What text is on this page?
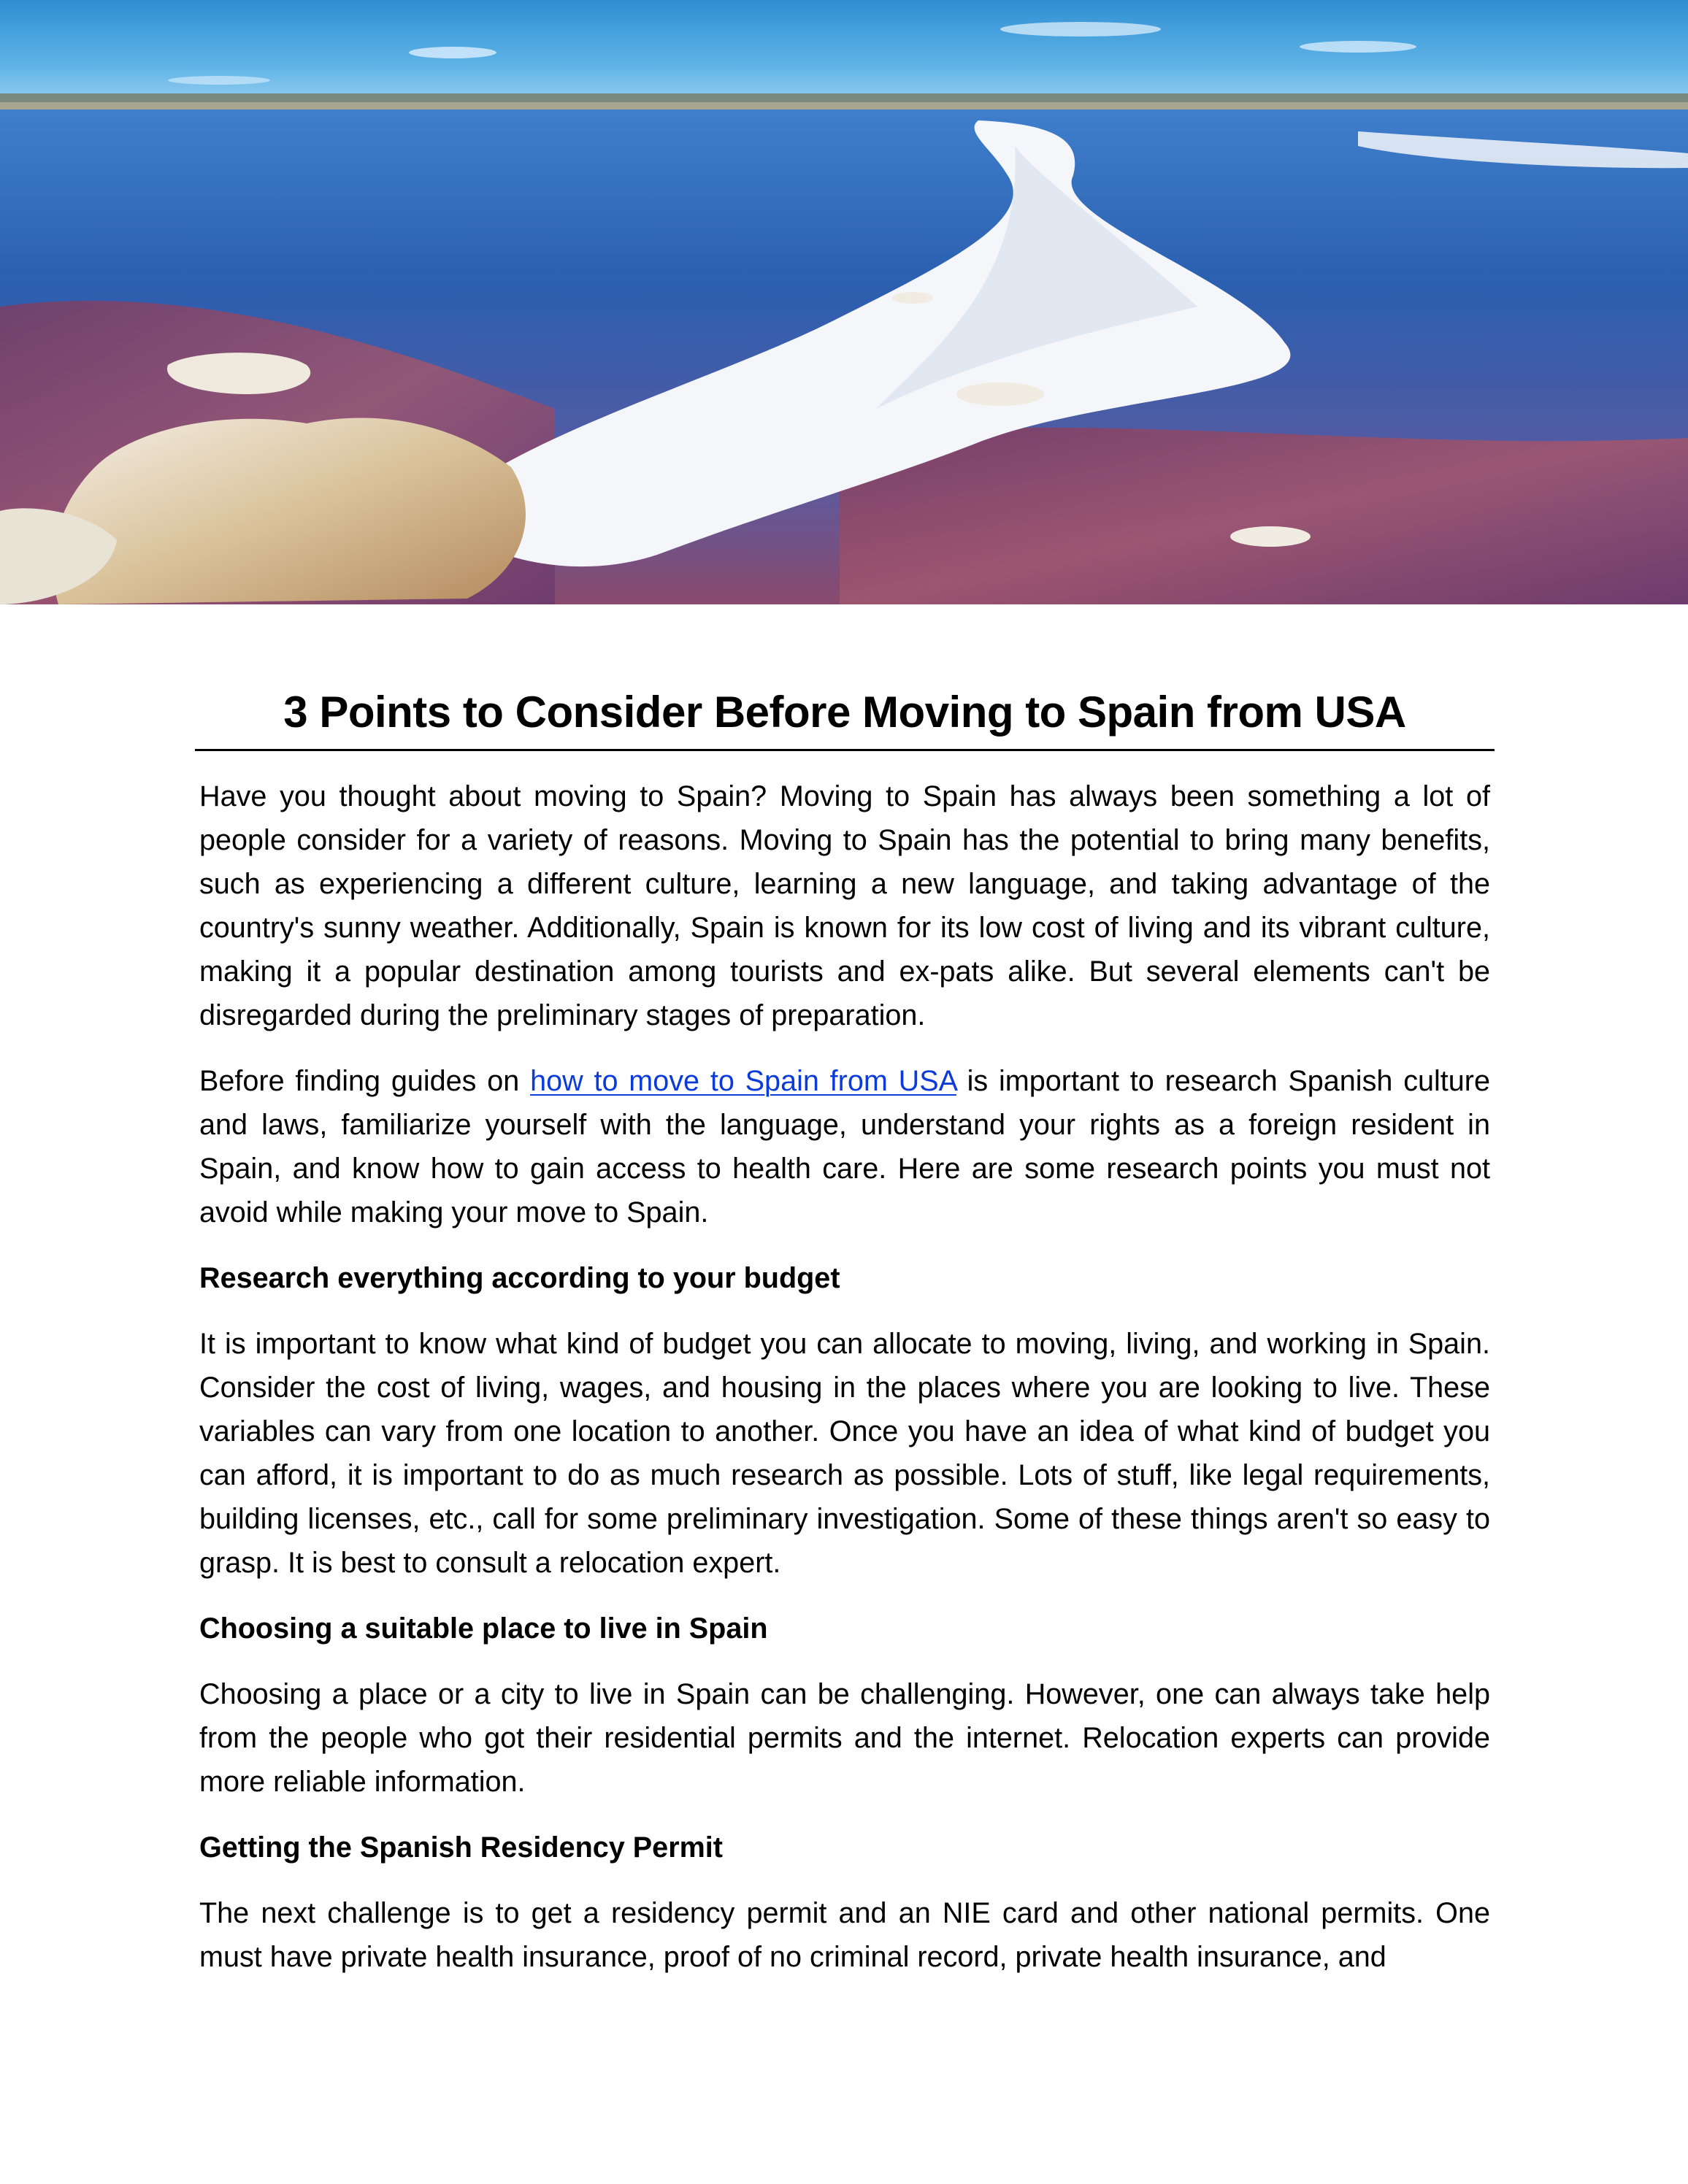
3 Points to Consider Before Moving to Spain from USA

Have you thought about moving to Spain? Moving to Spain has always been something a lot of people consider for a variety of reasons. Moving to Spain has the potential to bring many benefits, such as experiencing a different culture, learning a new language, and taking advantage of the country's sunny weather. Additionally, Spain is known for its low cost of living and its vibrant culture, making it a popular destination among tourists and ex-pats alike. But several elements can't be disregarded during the preliminary stages of preparation.

Before finding guides on how to move to Spain from USA is important to research Spanish culture and laws, familiarize yourself with the language, understand your rights as a foreign resident in Spain, and know how to gain access to health care. Here are some research points you must not avoid while making your move to Spain.

Research everything according to your budget

It is important to know what kind of budget you can allocate to moving, living, and working in Spain. Consider the cost of living, wages, and housing in the places where you are looking to live. These variables can vary from one location to another. Once you have an idea of what kind of budget you can afford, it is important to do as much research as possible. Lots of stuff, like legal requirements, building licenses, etc., call for some preliminary investigation. Some of these things aren't so easy to grasp. It is best to consult a relocation expert.

Choosing a suitable place to live in Spain

Choosing a place or a city to live in Spain can be challenging. However, one can always take help from the people who got their residential permits and the internet. Relocation experts can provide more reliable information.

Getting the Spanish Residency Permit

The next challenge is to get a residency permit and an NIE card and other national permits. One must have private health insurance, proof of no criminal record, private health insurance, and
